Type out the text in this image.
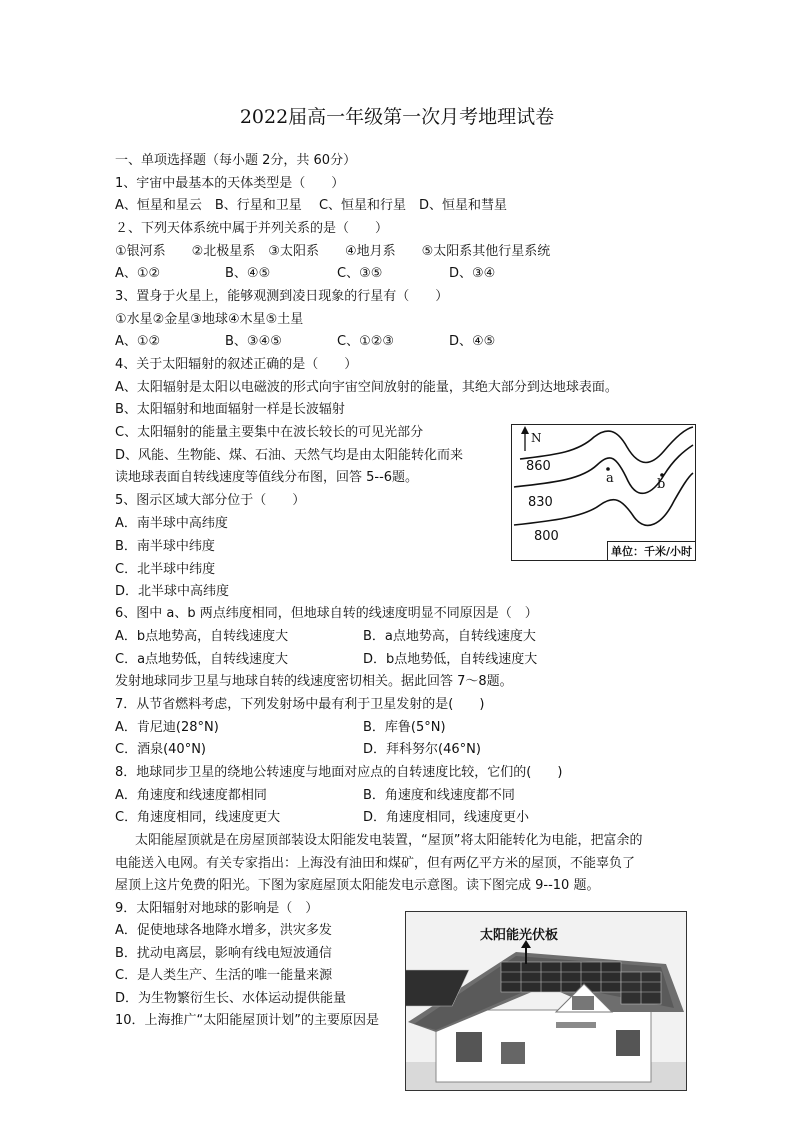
2022届高一年级第一次月考地理试卷
一、单项选择题（每小题 2分，共 60分）
1、宇宙中最基本的天体类型是（　　）
A、恒星和星云　B、行星和卫星　 C、恒星和行星　D、恒星和彗星
２、下列天体系统中属于并列关系的是（　　）
①银河系　　②北极星系　③太阳系　　④地月系　　⑤太阳系其他行星系统
A、①②	B、④⑤	C、③⑤	D、③④
3、置身于火星上，能够观测到凌日现象的行星有（　　）
①水星②金星③地球④木星⑤土星
A、①②	B、③④⑤	C、①②③	D、④⑤
4、关于太阳辐射的叙述正确的是（　　）
A、太阳辐射是太阳以电磁波的形式向宇宙空间放射的能量，其绝大部分到达地球表面。
B、太阳辐射和地面辐射一样是长波辐射
C、太阳辐射的能量主要集中在波长较长的可见光部分
D、风能、生物能、煤、石油、天然气均是由太阳能转化而来
读地球表面自转线速度等值线分布图，回答 5--6题。
5、图示区域大部分位于（　　）
A．南半球中高纬度
B．南半球中纬度
C．北半球中纬度
D．北半球中高纬度
6、图中 a、b 两点纬度相同，但地球自转的线速度明显不同原因是（　）
A．b点地势高，自转线速度大	B．a点地势高，自转线速度大
C．a点地势低，自转线速度大	D．b点地势低，自转线速度大
发射地球同步卫星与地球自转的线速度密切相关。据此回答 7～8题。
7．从节省燃料考虑，下列发射场中最有利于卫星发射的是(　　)
A．肯尼迪(28°N)	B．库鲁(5°N)
C．酒泉(40°N)	D．拜科努尔(46°N)
8．地球同步卫星的绕地公转速度与地面对应点的自转速度比较，它们的(　　)
A．角速度和线速度都相同	B．角速度和线速度都不同
C．角速度相同，线速度更大	D．角速度相同，线速度更小
太阳能屋顶就是在房屋顶部装设太阳能发电装置，“屋顶”将太阳能转化为电能，把富余的
电能送入电网。有关专家指出：上海没有油田和煤矿，但有两亿平方米的屋顶，不能辜负了
屋顶上这片免费的阳光。下图为家庭屋顶太阳能发电示意图。读下图完成 9--10 题。
9．太阳辐射对地球的影响是（　）
A．促使地球各地降水增多，洪灾多发
B．扰动电离层，影响有线电短波通信
C．是人类生产、生活的唯一能量来源
D．为生物繁衍生长、水体运动提供能量
10．上海推广“太阳能屋顶计划”的主要原因是
N
860
830
800
a	b
单位：千米/小时
太阳能光伏板
